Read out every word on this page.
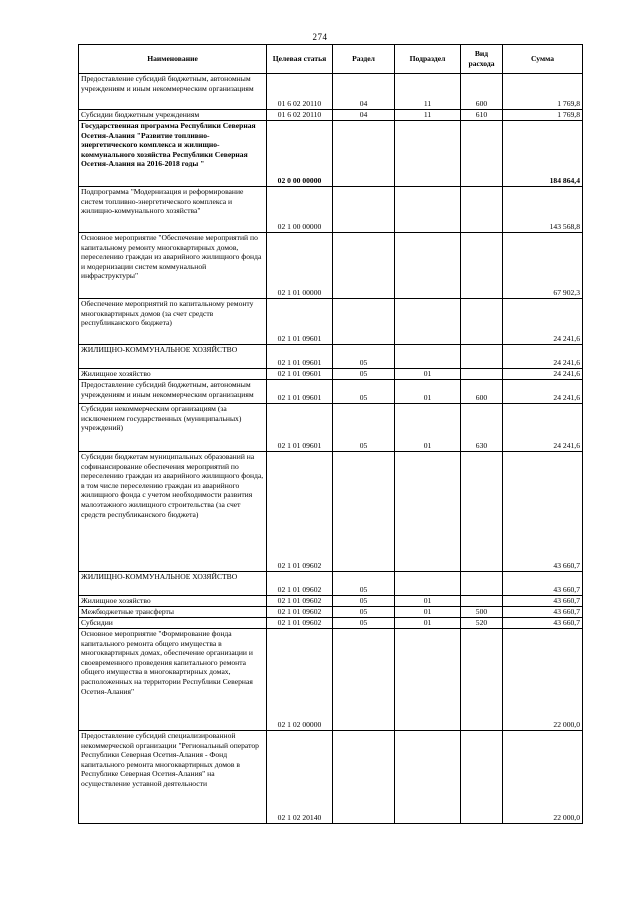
274
Наименование	Целевая статья	Раздел	Подраздел	Вид расхода	Сумма
Предоставление субсидий бюджетным, автономным учреждениям и иным некоммерческим организациям	01 6 02 20110	04	11	600	1 769,8
Субсидии бюджетным учреждениям	01 6 02 20110	04	11	610	1 769,8
Государственная программа Республики Северная Осетия-Алания "Развитие топливно-энергетического комплекса и жилищно-коммунального хозяйства Республики Северная Осетия-Алания на 2016-2018 годы "	02 0 00 00000				184 864,4
Подпрограмма "Модернизация и реформирование систем топливно-энергетического комплекса и жилищно-коммунального хозяйства"	02 1 00 00000				143 568,8
Основное мероприятие "Обеспечение мероприятий по капитальному ремонту многоквартирных домов, переселению граждан из аварийного жилищного фонда и модернизации систем коммунальной инфраструктуры"	02 1 01 00000				67 902,3
Обеспечение мероприятий по капитальному ремонту многоквартирных домов (за счет средств республиканского бюджета)	02 1 01 09601				24 241,6
ЖИЛИЩНО-КОММУНАЛЬНОЕ ХОЗЯЙСТВО	02 1 01 09601	05			24 241,6
Жилищное хозяйство	02 1 01 09601	05	01		24 241,6
Предоставление субсидий бюджетным, автономным учреждениям и иным некоммерческим организациям	02 1 01 09601	05	01	600	24 241,6
Субсидии некоммерческим организациям (за исключением государственных (муниципальных) учреждений)	02 1 01 09601	05	01	630	24 241,6
Субсидии бюджетам муниципальных образований на софинансирование обеспечения мероприятий по переселению граждан из аварийного жилищного фонда, в том числе переселению граждан из аварийного жилищного фонда с учетом необходимости развития малоэтажного жилищного строительства (за счет средств республиканского бюджета)	02 1 01 09602				43 660,7
ЖИЛИЩНО-КОММУНАЛЬНОЕ ХОЗЯЙСТВО	02 1 01 09602	05			43 660,7
Жилищное хозяйство	02 1 01 09602	05	01		43 660,7
Межбюджетные трансферты	02 1 01 09602	05	01	500	43 660,7
Субсидии	02 1 01 09602	05	01	520	43 660,7
Основное мероприятие "Формирование фонда капитального ремонта общего имущества в многоквартирных домах, обеспечение организации и своевременного проведения капитального ремонта общего имущества в многоквартирных домах, расположенных на территории Республики Северная Осетия-Алания"	02 1 02 00000				22 000,0
Предоставление субсидий специализированной некоммерческой организации "Региональный оператор Республики Северная Осетия-Алания - Фонд капитального ремонта многоквартирных домов в Республике Северная Осетия-Алания" на осуществление уставной деятельности	02 1 02 20140				22 000,0
